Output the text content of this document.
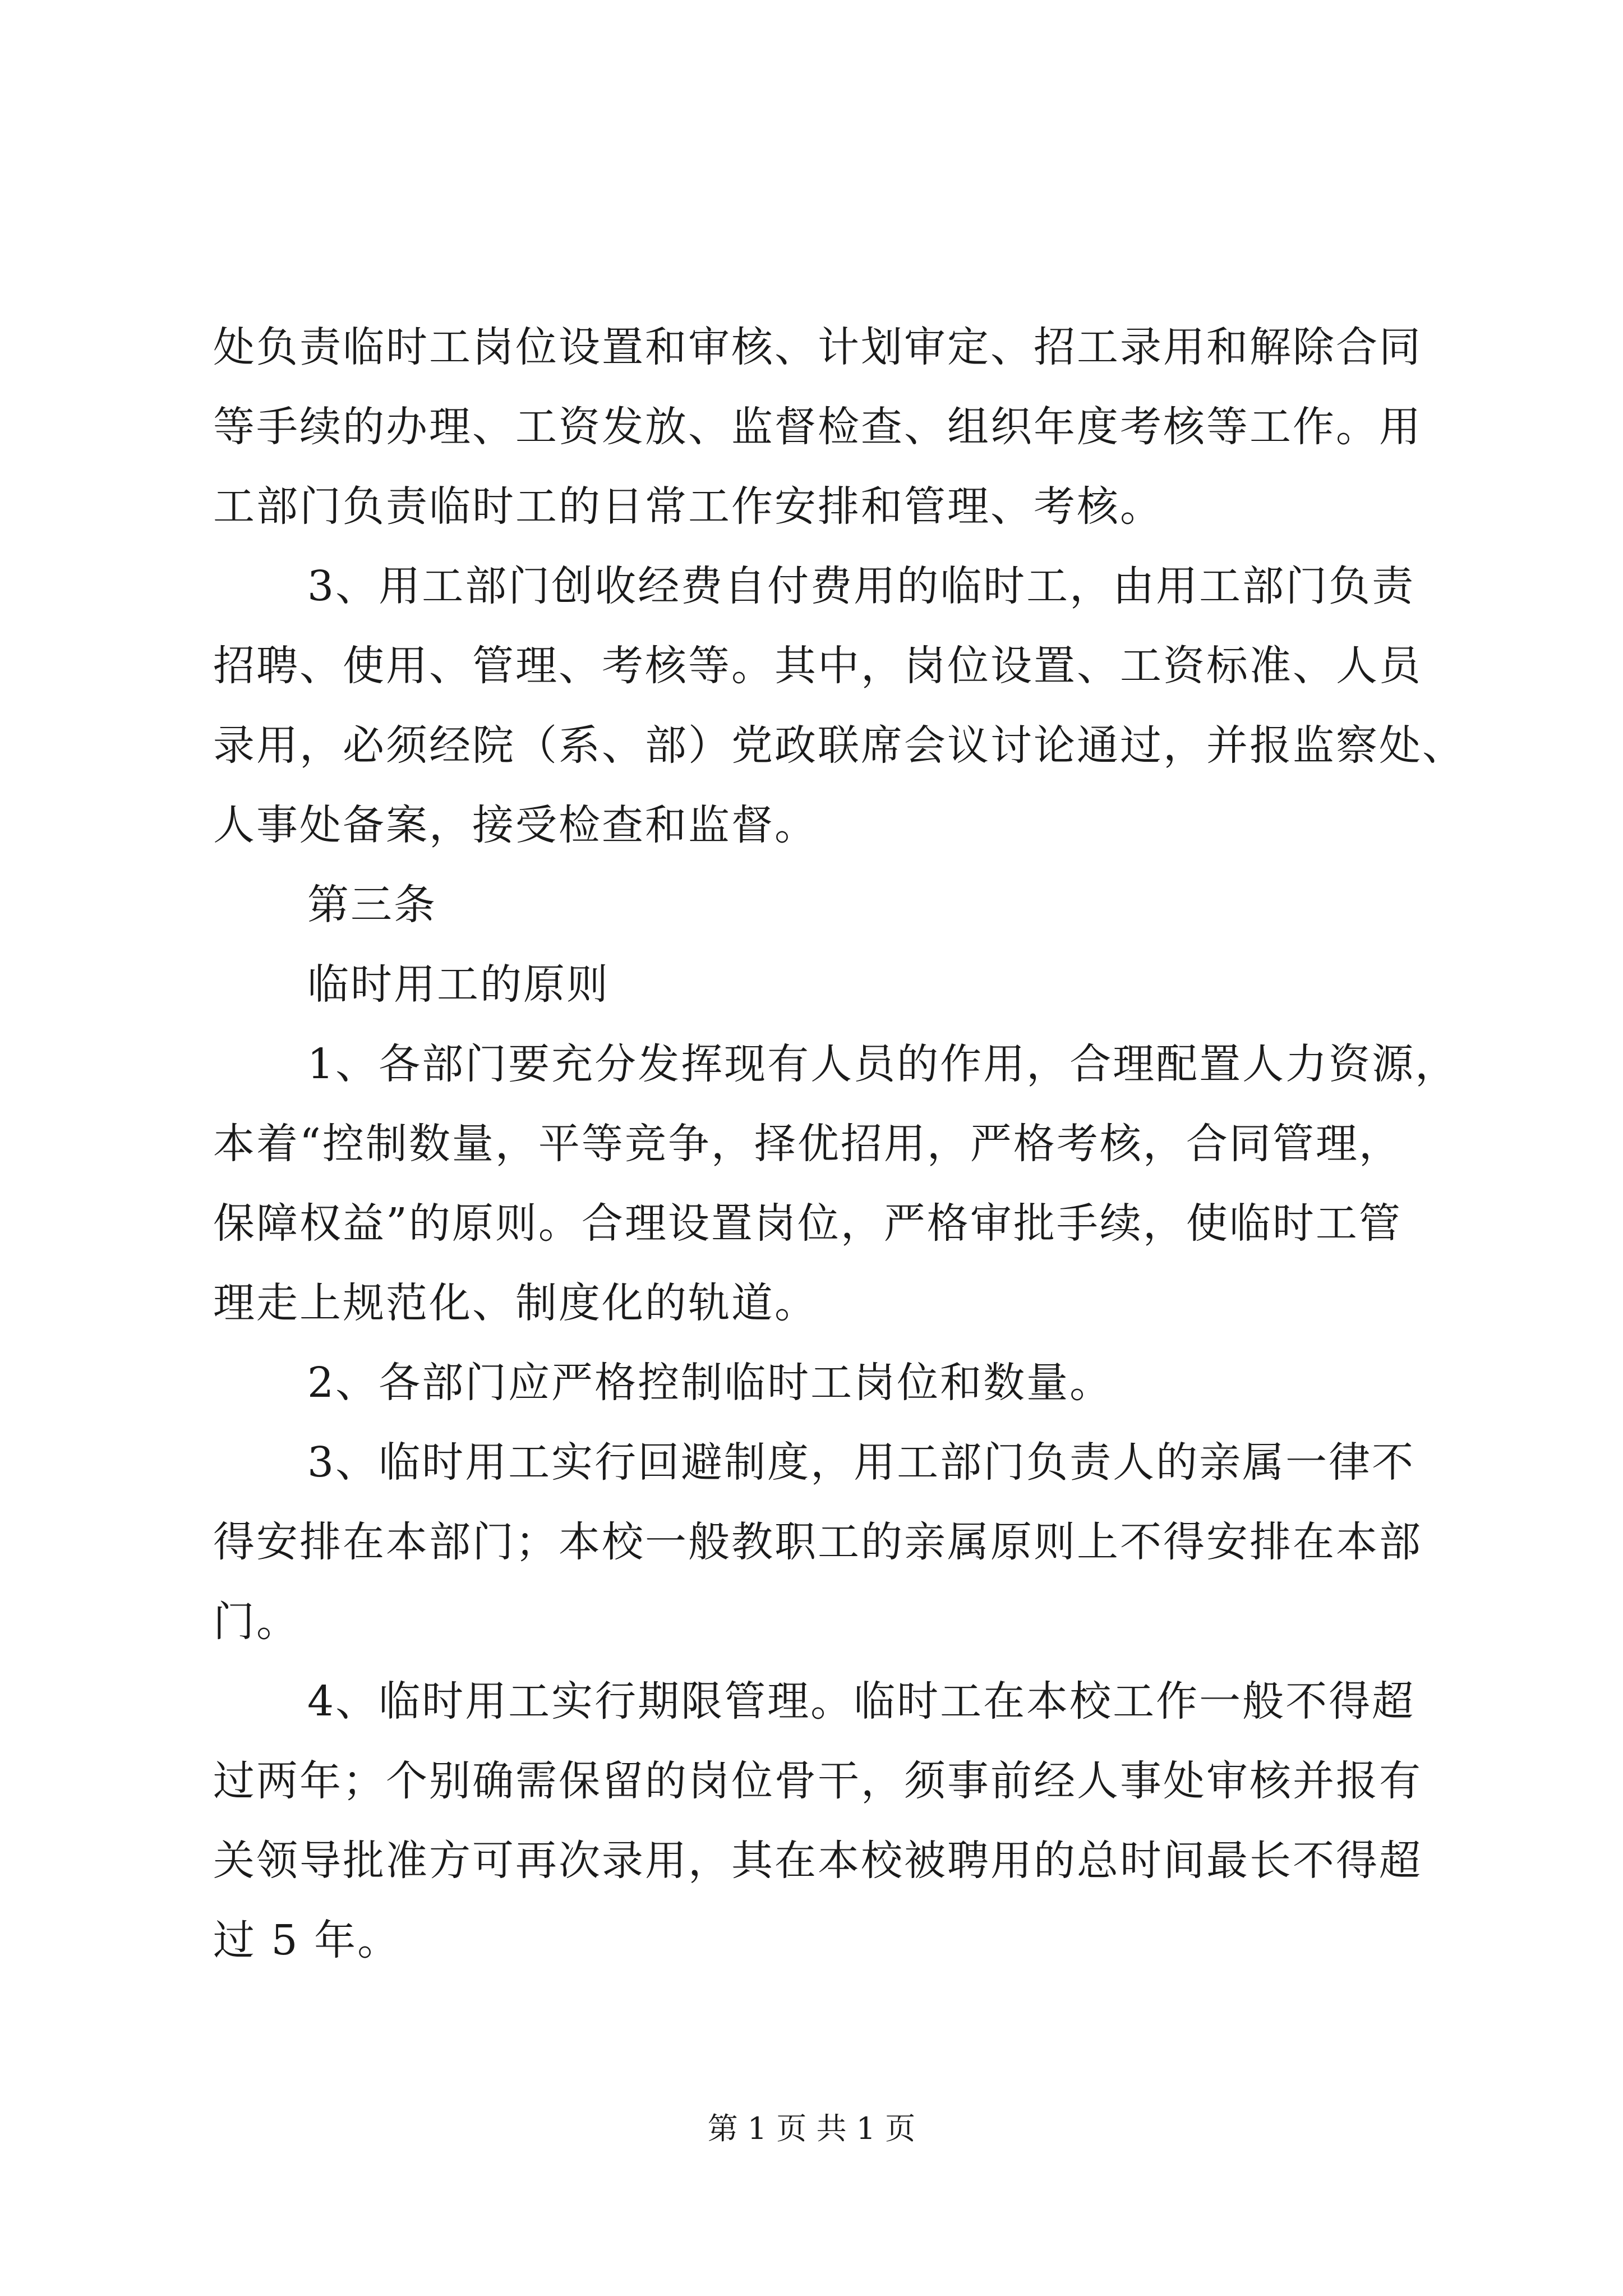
处负责临时工岗位设置和审核、计划审定、招工录用和解除合同
等手续的办理、工资发放、监督检查、组织年度考核等工作。用
工部门负责临时工的日常工作安排和管理、考核。
3、用工部门创收经费自付费用的临时工，由用工部门负责
招聘、使用、管理、考核等。其中，岗位设置、工资标准、人员
录用，必须经院（系、部）党政联席会议讨论通过，并报监察处、
人事处备案，接受检查和监督。
第三条
临时用工的原则
1、各部门要充分发挥现有人员的作用，合理配置人力资源，
本着“控制数量，平等竞争，择优招用，严格考核，合同管理，
保障权益”的原则。合理设置岗位，严格审批手续，使临时工管
理走上规范化、制度化的轨道。
2、各部门应严格控制临时工岗位和数量。
3、临时用工实行回避制度，用工部门负责人的亲属一律不
得安排在本部门；本校一般教职工的亲属原则上不得安排在本部
门。
4、临时用工实行期限管理。临时工在本校工作一般不得超
过两年；个别确需保留的岗位骨干，须事前经人事处审核并报有
关领导批准方可再次录用，其在本校被聘用的总时间最长不得超
过 5 年。
第 1 页 共 1 页
